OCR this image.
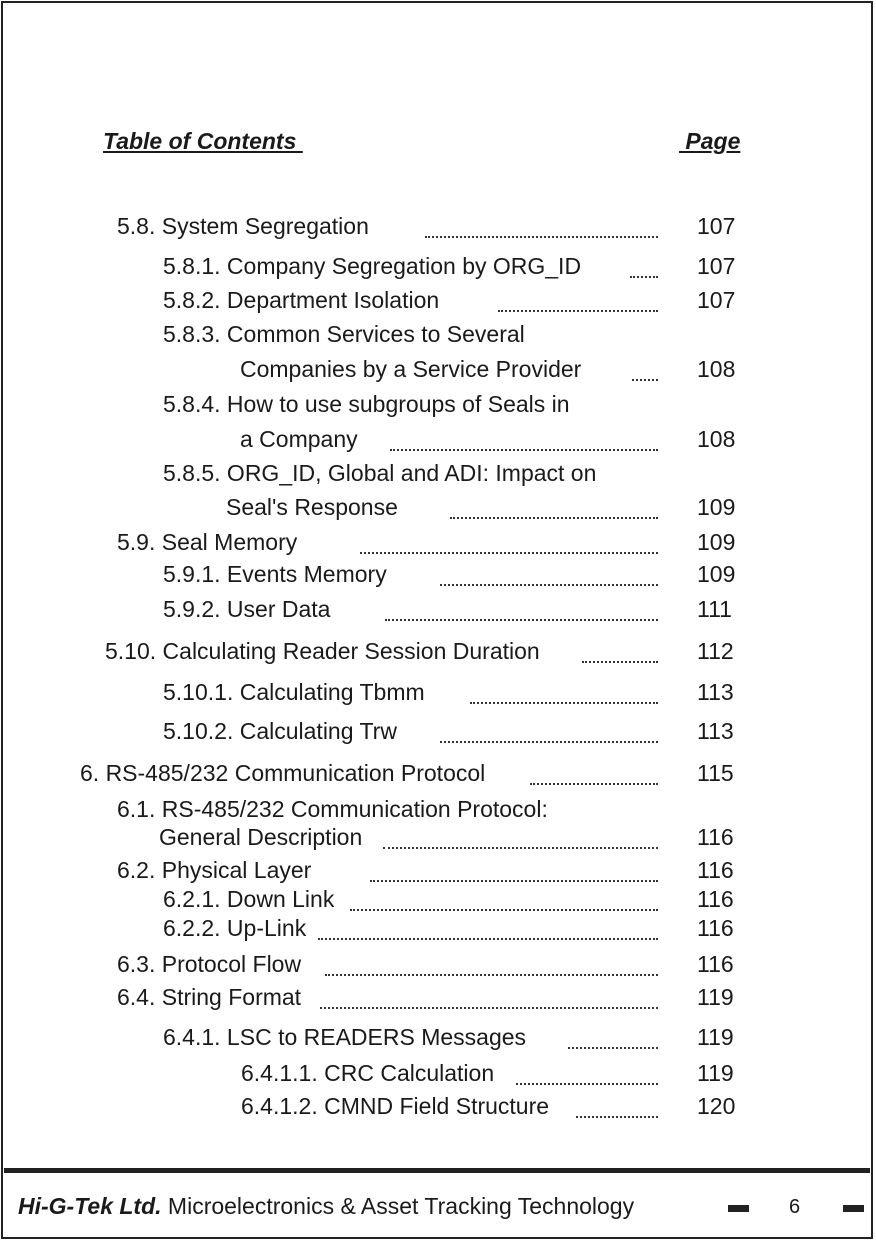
Table of Contents	Page
5.8. System Segregation	107
5.8.1. Company Segregation by ORG_ID	107
5.8.2. Department Isolation	107
5.8.3. Common Services to Several
Companies by a Service Provider	108
5.8.4. How to use subgroups of Seals in
a Company	108
5.8.5. ORG_ID, Global and ADI: Impact on
Seal's Response	109
5.9. Seal Memory	109
5.9.1. Events Memory	109
5.9.2. User Data	111
5.10. Calculating Reader Session Duration	112
5.10.1. Calculating Tbmm	113
5.10.2. Calculating Trw	113
6. RS-485/232 Communication Protocol	115
6.1. RS-485/232 Communication Protocol:
General Description	116
6.2. Physical Layer	116
6.2.1. Down Link	116
6.2.2. Up-Link	116
6.3. Protocol Flow	116
6.4. String Format	119
6.4.1. LSC to READERS Messages	119
6.4.1.1. CRC Calculation	119
6.4.1.2. CMND Field Structure	120
Hi-G-Tek Ltd. Microelectronics & Asset Tracking Technology	6
